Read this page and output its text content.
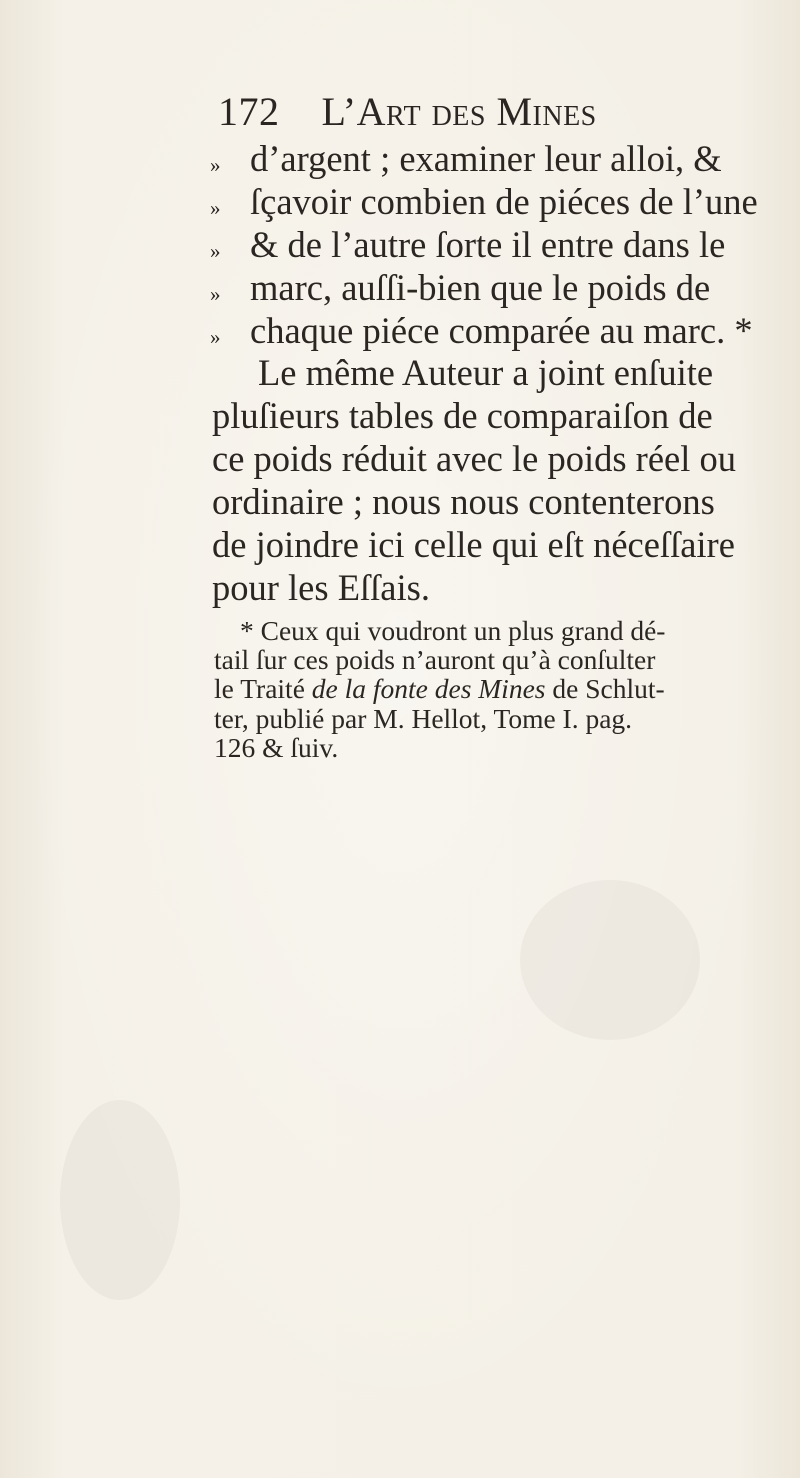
172 L’Art des Mines
» d’argent ; examiner leur alloi, &
» ſçavoir combien de piéces de l’une
» & de l’autre ſorte il entre dans le
» marc, auſſi-bien que le poids de
» chaque piéce comparée au marc. *
Le même Auteur a joint enſuite
pluſieurs tables de comparaiſon de
ce poids réduit avec le poids réel ou
ordinaire ; nous nous contenterons
de joindre ici celle qui eſt néceſſaire
pour les Eſſais.
* Ceux qui voudront un plus grand dé-
tail ſur ces poids n’auront qu’à conſulter
le Traité de la fonte des Mines de Schlut-
ter, publié par M. Hellot, Tome I. pag.
126 & ſuiv.
